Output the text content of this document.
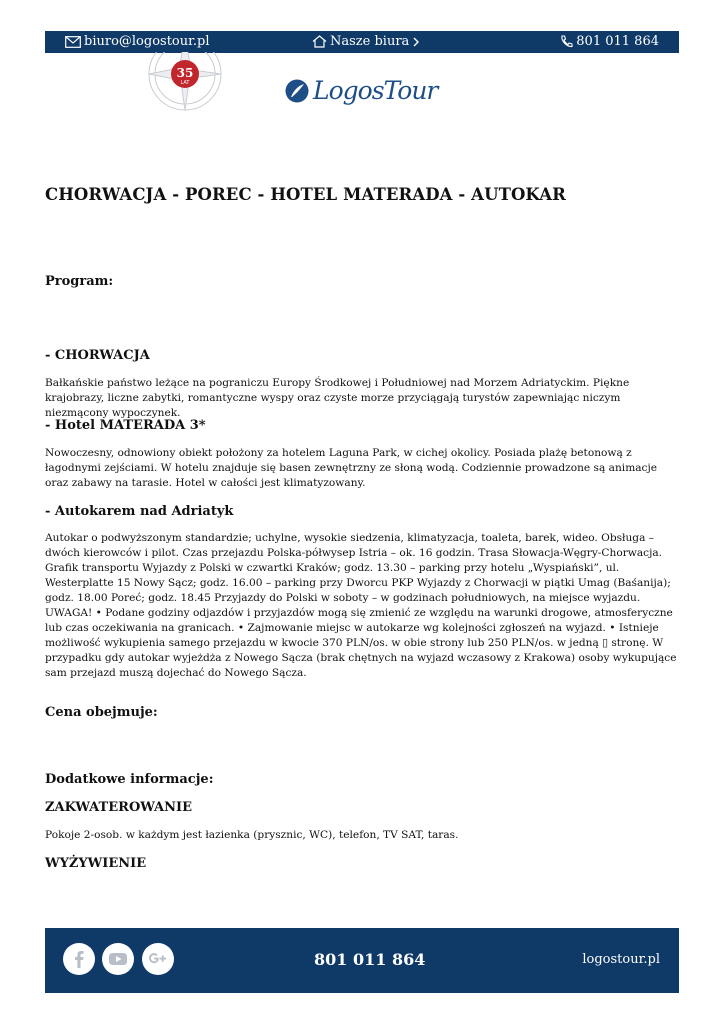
biuro@logostour.pl	Nasze biura	801 011 864
35
LAT	LogosTour
CHORWACJA - POREC - HOTEL MATERADA - AUTOKAR
Program:
- CHORWACJA

Bałkańskie państwo leżące na pograniczu Europy Środkowej i Południowej nad Morzem Adriatyckim. Piękne krajobrazy, liczne zabytki, romantyczne wyspy oraz czyste morze przyciągają turystów zapewniając niczym niezmącony wypoczynek.

- Hotel MATERADA 3*

Nowoczesny, odnowiony obiekt położony za hotelem Laguna Park, w cichej okolicy. Posiada plażę betonową z łagodnymi zejściami. W hotelu znajduje się basen zewnętrzny ze słoną wodą. Codziennie prowadzone są animacje oraz zabawy na tarasie. Hotel w całości jest klimatyzowany.

- Autokarem nad Adriatyk

Autokar o podwyższonym standardzie; uchylne, wysokie siedzenia, klimatyzacja, toaleta, barek, wideo. Obsługa – dwóch kierowców i pilot. Czas przejazdu Polska-półwysep Istria – ok. 16 godzin. Trasa Słowacja-Węgry-Chorwacja. Grafik transportu Wyjazdy z Polski w czwartki Kraków; godz. 13.30 – parking przy hotelu „Wyspiański”, ul. Westerplatte 15 Nowy Sącz; godz. 16.00 – parking przy Dworcu PKP Wyjazdy z Chorwacji w piątki Umag (Baśanija); godz. 18.00 Poreć; godz. 18.45 Przyjazdy do Polski w soboty – w godzinach południowych, na miejsce wyjazdu. UWAGA! • Podane godziny odjazdów i przyjazdów mogą się zmienić ze względu na warunki drogowe, atmosferyczne lub czas oczekiwania na granicach. • Zajmowanie miejsc w autokarze wg kolejności zgłoszeń na wyjazd. • Istnieje możliwość wykupienia samego przejazdu w kwocie 370 PLN/os. w obie strony lub 250 PLN/os. w jedną ▯ stronę. W przypadku gdy autokar wyjeżdża z Nowego Sącza (brak chętnych na wyjazd wczasowy z Krakowa) osoby wykupujące sam przejazd muszą dojechać do Nowego Sącza.

Cena obejmuje:
Dodatkowe informacje:
ZAKWATEROWANIE

Pokoje 2-osob. w każdym jest łazienka (prysznic, WC), telefon, TV SAT, taras.

WYŻYWIENIE
801 011 864	logostour.pl
